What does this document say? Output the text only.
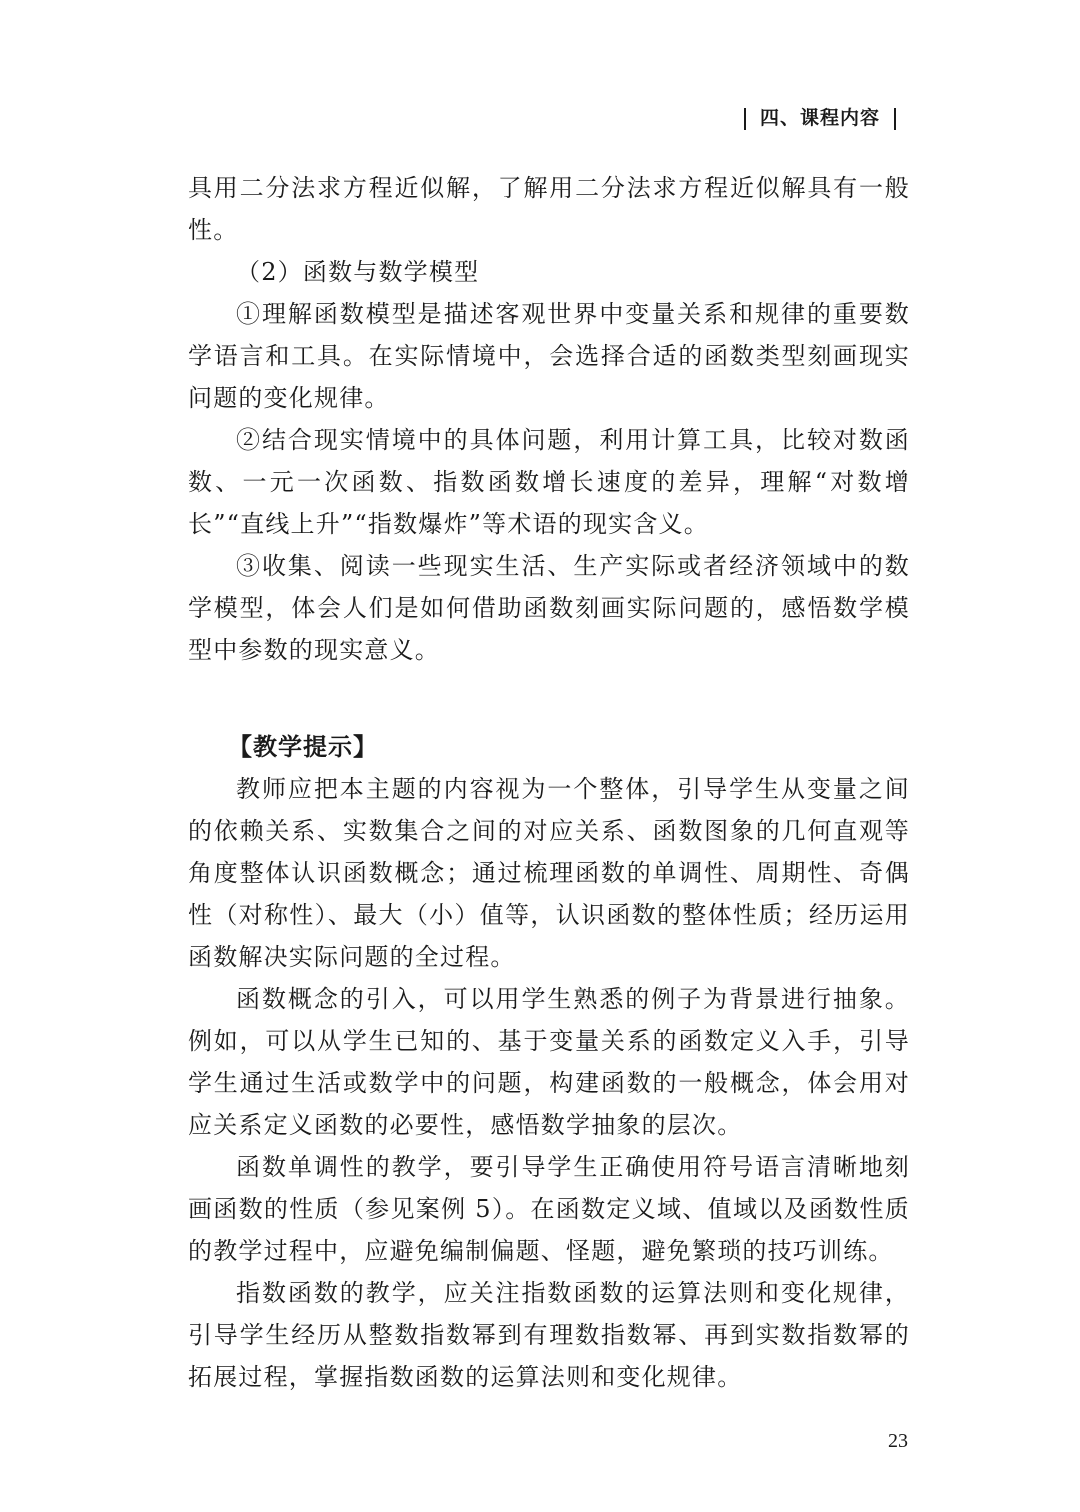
四、课程内容

具用二分法求方程近似解，了解用二分法求方程近似解具有一般性。

（2）函数与数学模型

①理解函数模型是描述客观世界中变量关系和规律的重要数学语言和工具。在实际情境中，会选择合适的函数类型刻画现实问题的变化规律。

②结合现实情境中的具体问题，利用计算工具，比较对数函数、一元一次函数、指数函数增长速度的差异，理解“对数增长”“直线上升”“指数爆炸”等术语的现实含义。

③收集、阅读一些现实生活、生产实际或者经济领域中的数学模型，体会人们是如何借助函数刻画实际问题的，感悟数学模型中参数的现实意义。

【教学提示】

教师应把本主题的内容视为一个整体，引导学生从变量之间的依赖关系、实数集合之间的对应关系、函数图象的几何直观等角度整体认识函数概念；通过梳理函数的单调性、周期性、奇偶性（对称性）、最大（小）值等，认识函数的整体性质；经历运用函数解决实际问题的全过程。

函数概念的引入，可以用学生熟悉的例子为背景进行抽象。例如，可以从学生已知的、基于变量关系的函数定义入手，引导学生通过生活或数学中的问题，构建函数的一般概念，体会用对应关系定义函数的必要性，感悟数学抽象的层次。

函数单调性的教学，要引导学生正确使用符号语言清晰地刻画函数的性质（参见案例 5）。在函数定义域、值域以及函数性质的教学过程中，应避免编制偏题、怪题，避免繁琐的技巧训练。

指数函数的教学，应关注指数函数的运算法则和变化规律，引导学生经历从整数指数幂到有理数指数幂、再到实数指数幂的拓展过程，掌握指数函数的运算法则和变化规律。

23
